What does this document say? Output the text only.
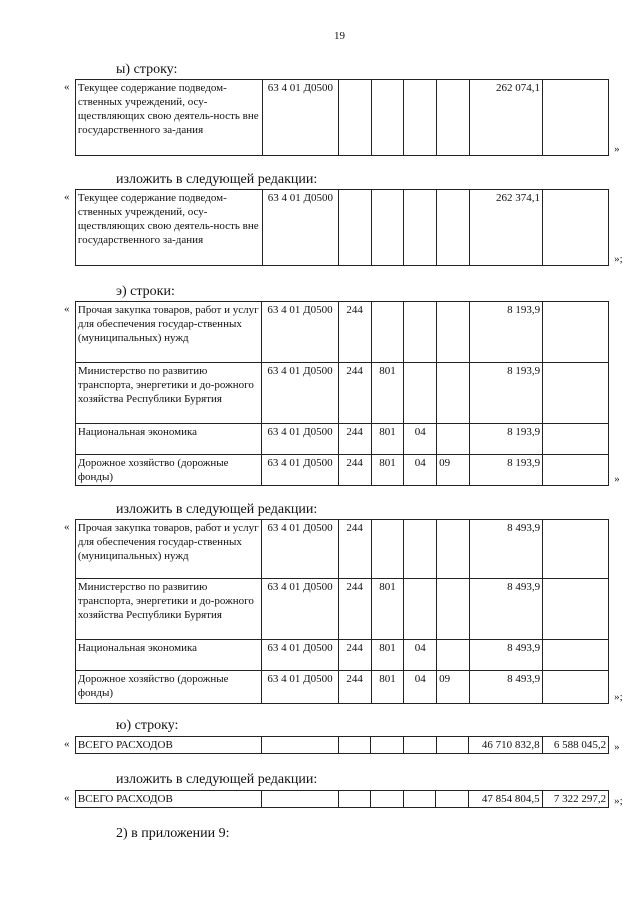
19
ы) строку:
«	Текущее содержание подведом-ственных учреждений, осу-ществляющих свою деятель-ность вне государственного за-дания	63 4 01 Д0500					262 074,1		»
изложить в следующей редакции:
«	Текущее содержание подведом-ственных учреждений, осу-ществляющих свою деятель-ность вне государственного за-дания	63 4 01 Д0500					262 374,1		»;
э) строки:
«	Прочая закупка товаров, работ и услуг для обеспечения государ-ственных (муниципальных) нужд	63 4 01 Д0500	244				8 193,9		
	Министерство по развитию транспорта, энергетики и до-рожного хозяйства Республики Бурятия	63 4 01 Д0500	244	801			8 193,9		
	Национальная экономика	63 4 01 Д0500	244	801	04		8 193,9		
	Дорожное хозяйство (дорожные фонды)	63 4 01 Д0500	244	801	04	09	8 193,9		»
изложить в следующей редакции:
«	Прочая закупка товаров, работ и услуг для обеспечения государ-ственных (муниципальных) нужд	63 4 01 Д0500	244				8 493,9		
	Министерство по развитию транспорта, энергетики и до-рожного хозяйства Республики Бурятия	63 4 01 Д0500	244	801			8 493,9		
	Национальная экономика	63 4 01 Д0500	244	801	04		8 493,9		
	Дорожное хозяйство (дорожные фонды)	63 4 01 Д0500	244	801	04	09	8 493,9		»;
ю) строку:
«	ВСЕГО РАСХОДОВ						46 710 832,8	6 588 045,2	»
изложить в следующей редакции:
«	ВСЕГО РАСХОДОВ						47 854 804,5	7 322 297,2	»;
2) в приложении 9:
